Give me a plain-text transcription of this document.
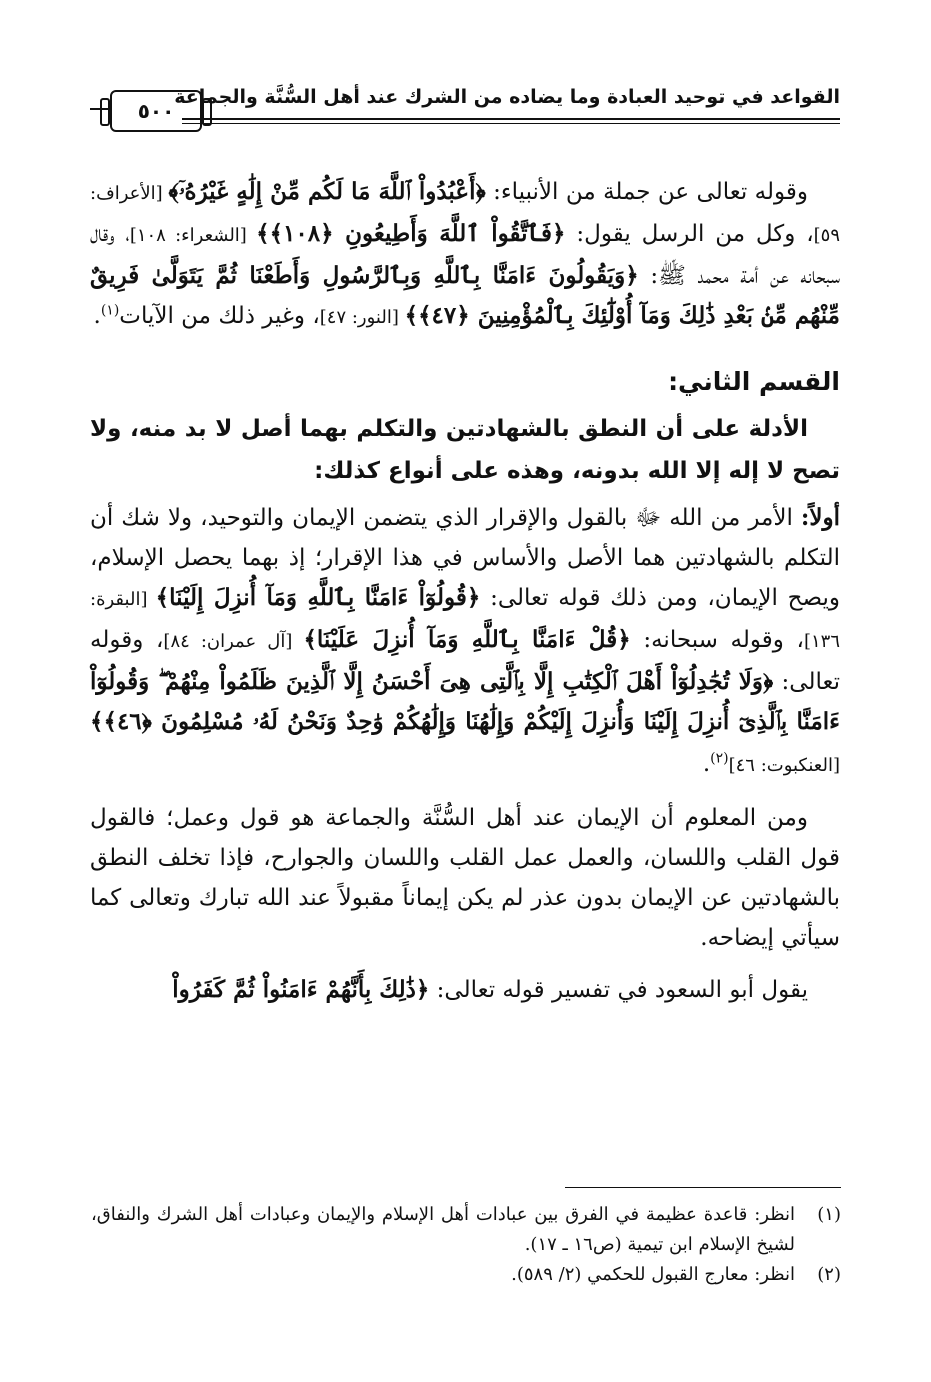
القواعد في توحيد العبادة وما يضاده من الشرك عند أهل السُّنَّة والجماعة
٥٠٠

وقوله تعالى عن جملة من الأنبياء: ﴿أَعْبُدُواْ ٱللَّهَ مَا لَكُم مِّنْ إِلَٰهٍ غَيْرُهُۥٓ﴾ [الأعراف: ٥٩]، وكل من الرسل يقول: ﴿فَٱتَّقُواْ ٱللَّهَ وَأَطِيعُونِ ﴿١٠٨﴾﴾ [الشعراء: ١٠٨]، وقال سبحانه عن أمة محمد ﷺ: ﴿وَيَقُولُونَ ءَامَنَّا بِٱللَّهِ وَبِٱلرَّسُولِ وَأَطَعْنَا ثُمَّ يَتَوَلَّىٰ فَرِيقٌ مِّنْهُم مِّنۢ بَعْدِ ذَٰلِكَ وَمَآ أُوْلَٰٓئِكَ بِٱلْمُؤْمِنِينَ ﴿٤٧﴾﴾ [النور: ٤٧]، وغير ذلك من الآيات$^{(١)}$.

القسم الثاني:
الأدلة على أن النطق بالشهادتين والتكلم بهما أصل لا بد منه، ولا تصح لا إله إلا الله بدونه، وهذه على أنواع كذلك:

أولاً: الأمر من الله ﷻ بالقول والإقرار الذي يتضمن الإيمان والتوحيد، ولا شك أن التكلم بالشهادتين هما الأصل والأساس في هذا الإقرار؛ إذ بهما يحصل الإسلام، ويصح الإيمان، ومن ذلك قوله تعالى: ﴿قُولُوٓاْ ءَامَنَّا بِٱللَّهِ وَمَآ أُنزِلَ إِلَيْنَا﴾ [البقرة: ١٣٦]، وقوله سبحانه: ﴿قُلْ ءَامَنَّا بِٱللَّهِ وَمَآ أُنزِلَ عَلَيْنَا﴾ [آل عمران: ٨٤]، وقوله تعالى: ﴿وَلَا تُجَٰدِلُوٓاْ أَهْلَ ٱلْكِتَٰبِ إِلَّا بِٱلَّتِى هِىَ أَحْسَنُ إِلَّا ٱلَّذِينَ ظَلَمُواْ مِنْهُمْ ۖ وَقُولُوٓاْ ءَامَنَّا بِٱلَّذِىٓ أُنزِلَ إِلَيْنَا وَأُنزِلَ إِلَيْكُمْ وَإِلَٰهُنَا وَإِلَٰهُكُمْ وَٰحِدٌ وَنَحْنُ لَهُۥ مُسْلِمُونَ ﴿٤٦﴾﴾ [العنكبوت: ٤٦]$^{(٢)}$.

ومن المعلوم أن الإيمان عند أهل السُّنَّة والجماعة هو قول وعمل؛ فالقول قول القلب واللسان، والعمل عمل القلب واللسان والجوارح، فإذا تخلف النطق بالشهادتين عن الإيمان بدون عذر لم يكن إيماناً مقبولاً عند الله تبارك وتعالى كما سيأتي إيضاحه.

يقول أبو السعود في تفسير قوله تعالى: ﴿ذَٰلِكَ بِأَنَّهُمْ ءَامَنُواْ ثُمَّ كَفَرُواْ

(١)
انظر: قاعدة عظيمة في الفرق بين عبادات أهل الإسلام والإيمان وعبادات أهل الشرك والنفاق، لشيخ الإسلام ابن تيمية (ص١٦ ـ ١٧).
(٢)
انظر: معارج القبول للحكمي (٢/ ٥٨٩).
